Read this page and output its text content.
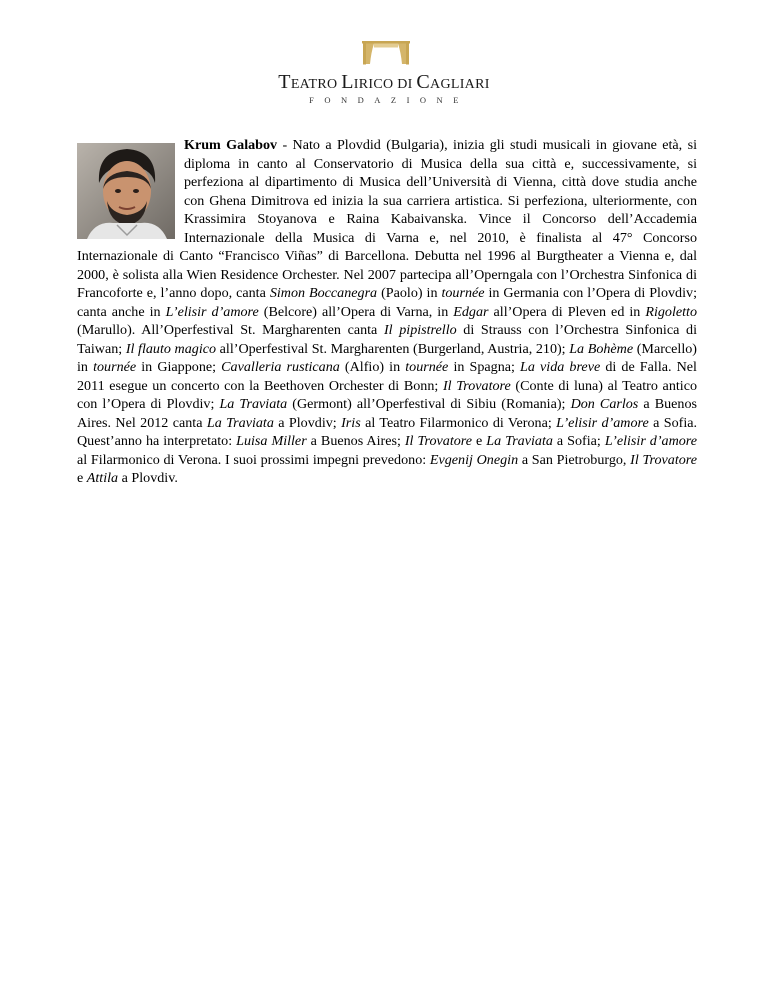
TEATRO LIRICO DI CAGLIARI
FONDAZIONE
Krum Galabov - Nato a Plovdid (Bulgaria), inizia gli studi musicali in giovane età, si diploma in canto al Conservatorio di Musica della sua città e, successivamente, si perfeziona al dipartimento di Musica dell’Università di Vienna, città dove studia anche con Ghena Dimitrova ed inizia la sua carriera artistica. Si perfeziona, ulteriormente, con Krassimira Stoyanova e Raina Kabaivanska. Vince il Concorso dell’Accademia Internazionale della Musica di Varna e, nel 2010, è finalista al 47° Concorso Internazionale di Canto “Francisco Viñas” di Barcellona. Debutta nel 1996 al Burgtheater a Vienna e, dal 2000, è solista alla Wien Residence Orchester. Nel 2007 partecipa all’Operngala con l’Orchestra Sinfonica di Francoforte e, l’anno dopo, canta Simon Boccanegra (Paolo) in tournée in Germania con l’Opera di Plovdiv; canta anche in L’elisir d’amore (Belcore) all’Opera di Varna, in Edgar all’Opera di Pleven ed in Rigoletto (Marullo). All’Operfestival St. Margharenten canta Il pipistrello di Strauss con l’Orchestra Sinfonica di Taiwan; Il flauto magico all’Operfestival St. Margharenten (Burgerland, Austria, 210); La Bohème (Marcello) in tournée in Giappone; Cavalleria rusticana (Alfio) in tournée in Spagna; La vida breve di de Falla. Nel 2011 esegue un concerto con la Beethoven Orchester di Bonn; Il Trovatore (Conte di luna) al Teatro antico con l’Opera di Plovdiv; La Traviata (Germont) all’Operfestival di Sibiu (Romania); Don Carlos a Buenos Aires. Nel 2012 canta La Traviata a Plovdiv; Iris al Teatro Filarmonico di Verona; L’elisir d’amore a Sofia. Quest’anno ha interpretato: Luisa Miller a Buenos Aires; Il Trovatore e La Traviata a Sofia; L’elisir d’amore al Filarmonico di Verona. I suoi prossimi impegni prevedono: Evgenij Onegin a San Pietroburgo, Il Trovatore e Attila a Plovdiv.
